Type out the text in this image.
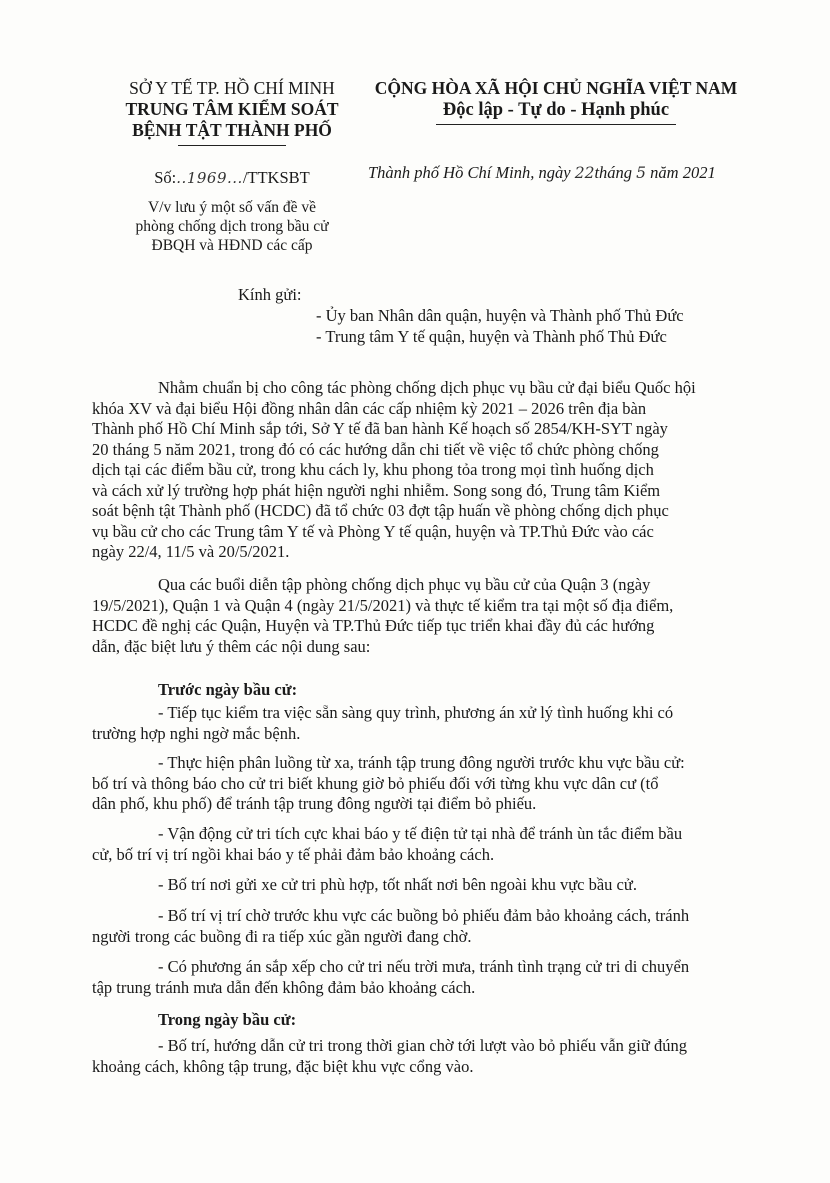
SỞ Y TẾ TP. HỒ CHÍ MINH
TRUNG TÂM KIỂM SOÁT
BỆNH TẬT THÀNH PHỐ
Số:..1969.../TTKSBT
V/v lưu ý một số vấn đề về
phòng chống dịch trong bầu cử
ĐBQH và HĐND các cấp
CỘNG HÒA XÃ HỘI CHỦ NGHĨA VIỆT NAM
Độc lập - Tự do - Hạnh phúc
Thành phố Hồ Chí Minh, ngày 22tháng 5 năm 2021
Kính gửi:
- Ủy ban Nhân dân quận, huyện và Thành phố Thủ Đức
- Trung tâm Y tế quận, huyện và Thành phố Thủ Đức
Nhằm chuẩn bị cho công tác phòng chống dịch phục vụ bầu cử đại biểu Quốc hội
khóa XV và đại biểu Hội đồng nhân dân các cấp nhiệm kỳ 2021 – 2026 trên địa bàn
Thành phố Hồ Chí Minh sắp tới, Sở Y tế đã ban hành Kế hoạch số 2854/KH-SYT ngày
20 tháng 5 năm 2021, trong đó có các hướng dẫn chi tiết về việc tổ chức phòng chống
dịch tại các điểm bầu cử, trong khu cách ly, khu phong tỏa trong mọi tình huống dịch
và cách xử lý trường hợp phát hiện người nghi nhiễm. Song song đó, Trung tâm Kiểm
soát bệnh tật Thành phố (HCDC) đã tổ chức 03 đợt tập huấn về phòng chống dịch phục
vụ bầu cử cho các Trung tâm Y tế và Phòng Y tế quận, huyện và TP.Thủ Đức vào các
ngày 22/4, 11/5 và 20/5/2021.
Qua các buổi diễn tập phòng chống dịch phục vụ bầu cử của Quận 3 (ngày
19/5/2021), Quận 1 và Quận 4 (ngày 21/5/2021) và thực tế kiểm tra tại một số địa điểm,
HCDC đề nghị các Quận, Huyện và TP.Thủ Đức tiếp tục triển khai đầy đủ các hướng
dẫn, đặc biệt lưu ý thêm các nội dung sau:
Trước ngày bầu cử:
- Tiếp tục kiểm tra việc sẵn sàng quy trình, phương án xử lý tình huống khi có
trường hợp nghi ngờ mắc bệnh.
- Thực hiện phân luồng từ xa, tránh tập trung đông người trước khu vực bầu cử:
bố trí và thông báo cho cử tri biết khung giờ bỏ phiếu đối với từng khu vực dân cư (tổ
dân phố, khu phố) để tránh tập trung đông người tại điểm bỏ phiếu.
- Vận động cử tri tích cực khai báo y tế điện tử tại nhà để tránh ùn tắc điểm bầu
cử, bố trí vị trí ngồi khai báo y tế phải đảm bảo khoảng cách.
- Bố trí nơi gửi xe cử tri phù hợp, tốt nhất nơi bên ngoài khu vực bầu cử.
- Bố trí vị trí chờ trước khu vực các buồng bỏ phiếu đảm bảo khoảng cách, tránh
người trong các buồng đi ra tiếp xúc gần người đang chờ.
- Có phương án sắp xếp cho cử tri nếu trời mưa, tránh tình trạng cử tri di chuyển
tập trung tránh mưa dẫn đến không đảm bảo khoảng cách.
Trong ngày bầu cử:
- Bố trí, hướng dẫn cử tri trong thời gian chờ tới lượt vào bỏ phiếu vẫn giữ đúng
khoảng cách, không tập trung, đặc biệt khu vực cổng vào.
